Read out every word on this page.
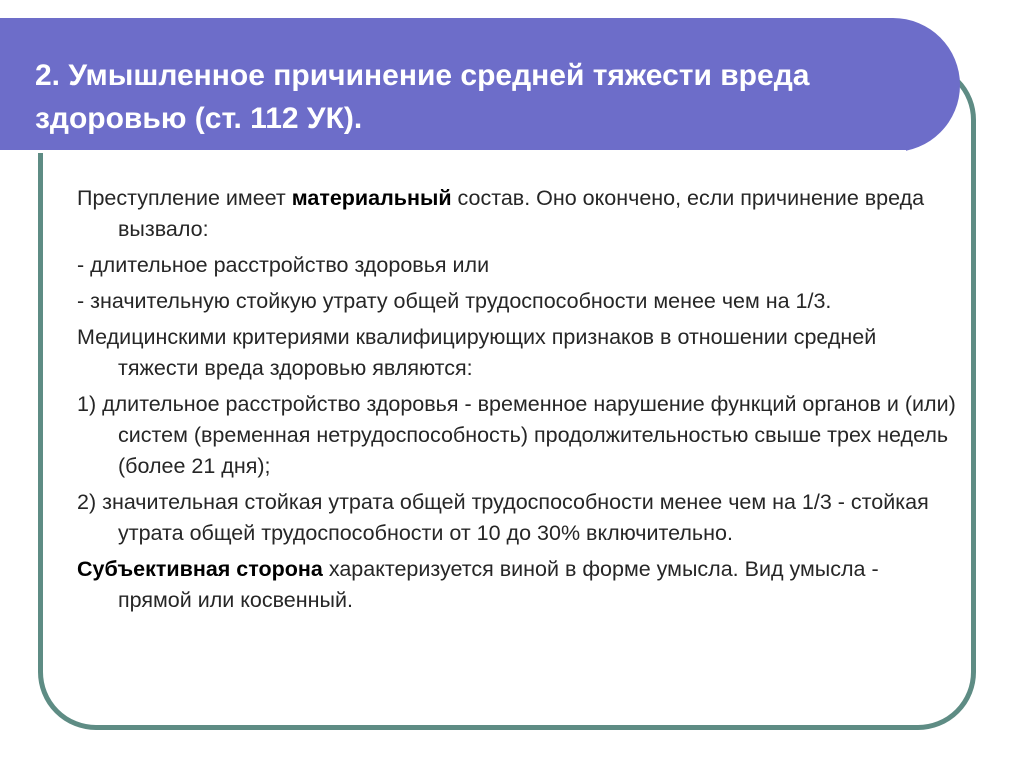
2. Умышленное причинение средней тяжести вреда здоровью (ст. 112 УК).

Преступление имеет материальный состав. Оно окончено, если причинение вреда вызвало:

- длительное расстройство здоровья или

- значительную стойкую утрату общей трудоспособности менее чем на 1/3.

Медицинскими критериями квалифицирующих признаков в отношении средней тяжести вреда здоровью являются:

1) длительное расстройство здоровья - временное нарушение функций органов и (или) систем (временная нетрудоспособность) продолжительностью свыше трех недель (более 21 дня);

2) значительная стойкая утрата общей трудоспособности менее чем на 1/3 - стойкая утрата общей трудоспособности от 10 до 30% включительно.

Субъективная сторона характеризуется виной в форме умысла. Вид умысла - прямой или косвенный.
